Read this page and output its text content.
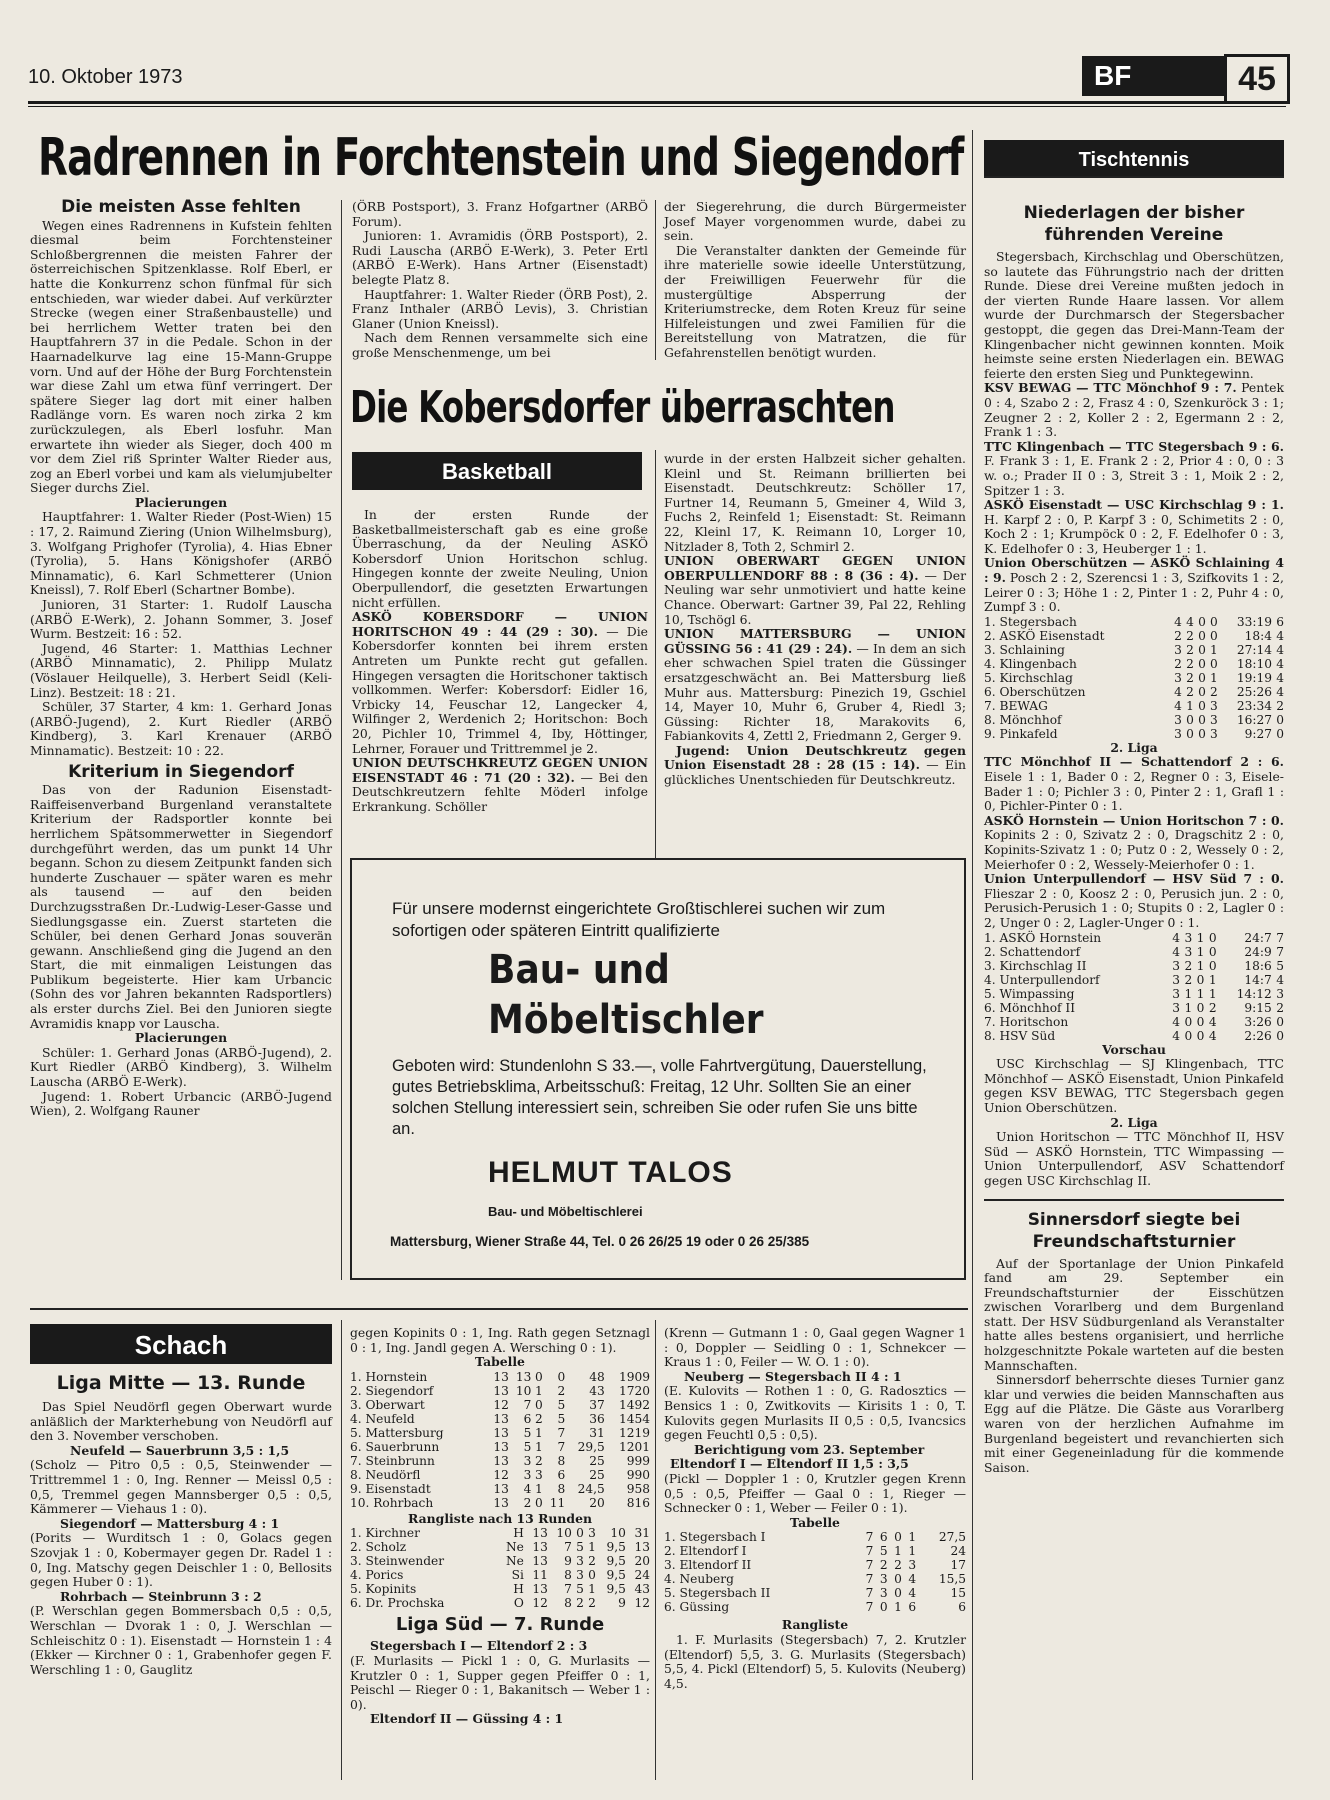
10. Oktober 1973	BF	45
Radrennen in Forchtenstein und Siegendorf
Die meisten Asse fehlten

Wegen eines Radrennens in Kufstein fehlten diesmal beim Forchtensteiner Schloßbergrennen die meisten Fahrer der österreichischen Spitzenklasse. Rolf Eberl, er hatte die Konkurrenz schon fünfmal für sich entschieden, war wieder dabei. Auf verkürzter Strecke (wegen einer Straßenbaustelle) und bei herrlichem Wetter traten bei den Hauptfahrern 37 in die Pedale. Schon in der Haarnadelkurve lag eine 15-Mann-Gruppe vorn. Und auf der Höhe der Burg Forchtenstein war diese Zahl um etwa fünf verringert. Der spätere Sieger lag dort mit einer halben Radlänge vorn. Es waren noch zirka 2 km zurückzulegen, als Eberl losfuhr. Man erwartete ihn wieder als Sieger, doch 400 m vor dem Ziel riß Sprinter Walter Rieder aus, zog an Eberl vorbei und kam als vielumjubelter Sieger durchs Ziel.

Placierungen

Hauptfahrer: 1. Walter Rieder (Post-Wien) 15 : 17, 2. Raimund Ziering (Union Wilhelmsburg), 3. Wolfgang Prighofer (Tyrolia), 4. Hias Ebner (Tyrolia), 5. Hans Königshofer (ARBÖ Minnamatic), 6. Karl Schmetterer (Union Kneissl), 7. Rolf Eberl (Schartner Bombe).

Junioren, 31 Starter: 1. Rudolf Lauscha (ARBÖ E-Werk), 2. Johann Sommer, 3. Josef Wurm. Bestzeit: 16 : 52.

Jugend, 46 Starter: 1. Matthias Lechner (ARBÖ Minnamatic), 2. Philipp Mulatz (Vöslauer Heilquelle), 3. Herbert Seidl (Keli-Linz). Bestzeit: 18 : 21.

Schüler, 37 Starter, 4 km: 1. Gerhard Jonas (ARBÖ-Jugend), 2. Kurt Riedler (ARBÖ Kindberg), 3. Karl Krenauer (ARBÖ Minnamatic). Bestzeit: 10 : 22.

Kriterium in Siegendorf

Das von der Radunion Eisenstadt-Raiffeisenverband Burgenland veranstaltete Kriterium der Radsportler konnte bei herrlichem Spätsommerwetter in Siegendorf durchgeführt werden, das um punkt 14 Uhr begann. Schon zu diesem Zeitpunkt fanden sich hunderte Zuschauer — später waren es mehr als tausend — auf den beiden Durchzugsstraßen Dr.-Ludwig-Leser-Gasse und Siedlungsgasse ein. Zuerst starteten die Schüler, bei denen Gerhard Jonas souverän gewann. Anschließend ging die Jugend an den Start, die mit einmaligen Leistungen das Publikum begeisterte. Hier kam Urbancic (Sohn des vor Jahren bekannten Radsportlers) als erster durchs Ziel. Bei den Junioren siegte Avramidis knapp vor Lauscha.

Placierungen

Schüler: 1. Gerhard Jonas (ARBÖ-Jugend), 2. Kurt Riedler (ARBÖ Kindberg), 3. Wilhelm Lauscha (ARBÖ E-Werk).

Jugend: 1. Robert Urbancic (ARBÖ-Jugend Wien), 2. Wolfgang Rauner

(ÖRB Postsport), 3. Franz Hofgartner (ARBÖ Forum).

Junioren: 1. Avramidis (ÖRB Postsport), 2. Rudi Lauscha (ARBÖ E-Werk), 3. Peter Ertl (ARBÖ E-Werk). Hans Artner (Eisenstadt) belegte Platz 8.

Hauptfahrer: 1. Walter Rieder (ÖRB Post), 2. Franz Inthaler (ARBÖ Levis), 3. Christian Glaner (Union Kneissl).

Nach dem Rennen versammelte sich eine große Menschenmenge, um bei

der Siegerehrung, die durch Bürgermeister Josef Mayer vorgenommen wurde, dabei zu sein.

Die Veranstalter dankten der Gemeinde für ihre materielle sowie ideelle Unterstützung, der Freiwilligen Feuerwehr für die mustergültige Absperrung der Kriteriumstrecke, dem Roten Kreuz für seine Hilfeleistungen und zwei Familien für die Bereitstellung von Matratzen, die für Gefahrenstellen benötigt wurden.

Die Kobersdorfer überraschten
Basketball

In der ersten Runde der Basketballmeisterschaft gab es eine große Überraschung, da der Neuling ASKÖ Kobersdorf Union Horitschon schlug. Hingegen konnte der zweite Neuling, Union Oberpullendorf, die gesetzten Erwartungen nicht erfüllen.

ASKÖ KOBERSDORF — UNION HORITSCHON 49 : 44 (29 : 30). — Die Kobersdorfer konnten bei ihrem ersten Antreten um Punkte recht gut gefallen. Hingegen versagten die Horitschoner taktisch vollkommen. Werfer: Kobersdorf: Eidler 16, Vrbicky 14, Feuschar 12, Langecker 4, Wilfinger 2, Werdenich 2; Horitschon: Boch 20, Pichler 10, Trimmel 4, Iby, Höttinger, Lehrner, Forauer und Trittremmel je 2.

UNION DEUTSCHKREUTZ GEGEN UNION EISENSTADT 46 : 71 (20 : 32). — Bei den Deutschkreutzern fehlte Möderl infolge Erkrankung. Schöller

wurde in der ersten Halbzeit sicher gehalten. Kleinl und St. Reimann brillierten bei Eisenstadt. Deutschkreutz: Schöller 17, Furtner 14, Reumann 5, Gmeiner 4, Wild 3, Fuchs 2, Reinfeld 1; Eisenstadt: St. Reimann 22, Kleinl 17, K. Reimann 10, Lorger 10, Nitzlader 8, Toth 2, Schmirl 2.

UNION OBERWART GEGEN UNION OBERPULLENDORF 88 : 8 (36 : 4). — Der Neuling war sehr unmotiviert und hatte keine Chance. Oberwart: Gartner 39, Pal 22, Rehling 10, Tschögl 6.

UNION MATTERSBURG — UNION GÜSSING 56 : 41 (29 : 24). — In dem an sich eher schwachen Spiel traten die Güssinger ersatzgeschwächt an. Bei Mattersburg ließ Muhr aus. Mattersburg: Pinezich 19, Gschiel 14, Mayer 10, Muhr 6, Gruber 4, Riedl 3; Güssing: Richter 18, Marakovits 6, Fabiankovits 4, Zettl 2, Friedmann 2, Gerger 9.

Jugend: Union Deutschkreutz gegen Union Eisenstadt 28 : 28 (15 : 14). — Ein glückliches Unentschieden für Deutschkreutz.

Für unsere modernst eingerichtete Großtischlerei suchen wir zum sofortigen oder späteren Eintritt qualifizierte
Bau- und
Möbeltischler
Geboten wird: Stundenlohn S 33.—, volle Fahrtvergütung, Dauerstellung, gutes Betriebsklima, Arbeitsschuß: Freitag, 12 Uhr. Sollten Sie an einer solchen Stellung interessiert sein, schreiben Sie oder rufen Sie uns bitte an.
HELMUT TALOS
Bau- und Möbeltischlerei
Mattersburg, Wiener Straße 44, Tel. 0 26 26/25 19 oder 0 26 25/385
Schach
Liga Mitte — 13. Runde

Das Spiel Neudörfl gegen Oberwart wurde anläßlich der Markterhebung von Neudörfl auf den 3. November verschoben.

Neufeld — Sauerbrunn 3,5 : 1,5

(Scholz — Pitro 0,5 : 0,5, Steinwender — Trittremmel 1 : 0, Ing. Renner — Meissl 0,5 : 0,5, Tremmel gegen Mannsberger 0,5 : 0,5, Kämmerer — Viehaus 1 : 0).

Siegendorf — Mattersburg 4 : 1

(Porits — Wurditsch 1 : 0, Golacs gegen Szovjak 1 : 0, Kobermayer gegen Dr. Radel 1 : 0, Ing. Matschy gegen Deischler 1 : 0, Bellosits gegen Huber 0 : 1).

Rohrbach — Steinbrunn 3 : 2

(P. Werschlan gegen Bommersbach 0,5 : 0,5, Werschlan — Dvorak 1 : 0, J. Werschlan — Schleischitz 0 : 1). Eisenstadt — Hornstein 1 : 4 (Ekker — Kirchner 0 : 1, Grabenhofer gegen F. Werschling 1 : 0, Gauglitz

gegen Kopinits 0 : 1, Ing. Rath gegen Setznagl 0 : 1, Ing. Jandl gegen A. Wersching 0 : 1).

Tabelle
1. Hornstein	13	13	0	0	48	1909
2. Siegendorf	13	10	1	2	43	1720
3. Oberwart	12	7	0	5	37	1492
4. Neufeld	13	6	2	5	36	1454
5. Mattersburg	13	5	1	7	31	1219
6. Sauerbrunn	13	5	1	7	29,5	1201
7. Steinbrunn	13	3	2	8	25	999
8. Neudörfl	12	3	3	6	25	990
9. Eisenstadt	13	4	1	8	24,5	958
10. Rohrbach	13	2	0	11	20	816
Rangliste nach 13 Runden
1. Kirchner	H	13	10	0	3	10	31
2. Scholz	Ne	13	7	5	1	9,5	13
3. Steinwender	Ne	13	9	3	2	9,5	20
4. Porics	Si	11	8	3	0	9,5	24
5. Kopinits	H	13	7	5	1	9,5	43
6. Dr. Prochska	O	12	8	2	2	9	12
Liga Süd — 7. Runde
Stegersbach I — Eltendorf 2 : 3

(F. Murlasits — Pickl 1 : 0, G. Murlasits — Krutzler 0 : 1, Supper gegen Pfeiffer 0 : 1, Peischl — Rieger 0 : 1, Bakanitsch — Weber 1 : 0).

Eltendorf II — Güssing 4 : 1

(Krenn — Gutmann 1 : 0, Gaal gegen Wagner 1 : 0, Doppler — Seidling 0 : 1, Schnekcer — Kraus 1 : 0, Feiler — W. O. 1 : 0).

Neuberg — Stegersbach II 4 : 1

(E. Kulovits — Rothen 1 : 0, G. Radosztics — Bensics 1 : 0, Zwitkovits — Kirisits 1 : 0, T. Kulovits gegen Murlasits II 0,5 : 0,5, Ivancsics gegen Feuchtl 0,5 : 0,5).

Berichtigung vom 23. September
Eltendorf I — Eltendorf II 1,5 : 3,5

(Pickl — Doppler 1 : 0, Krutzler gegen Krenn 0,5 : 0,5, Pfeiffer — Gaal 0 : 1, Rieger — Schnecker 0 : 1, Weber — Feiler 0 : 1).

Tabelle
1. Stegersbach I	7	6	0	1	27,5
2. Eltendorf I	7	5	1	1	24
3. Eltendorf II	7	2	2	3	17
4. Neuberg	7	3	0	4	15,5
5. Stegersbach II	7	3	0	4	15
6. Güssing	7	0	1	6	6
Rangliste

1. F. Murlasits (Stegersbach) 7, 2. Krutzler (Eltendorf) 5,5, 3. G. Murlasits (Stegersbach) 5,5, 4. Pickl (Eltendorf) 5, 5. Kulovits (Neuberg) 4,5.

Tischtennis
Niederlagen der bisher führenden Vereine

Stegersbach, Kirchschlag und Oberschützen, so lautete das Führungstrio nach der dritten Runde. Diese drei Vereine mußten jedoch in der vierten Runde Haare lassen. Vor allem wurde der Durchmarsch der Stegersbacher gestoppt, die gegen das Drei-Mann-Team der Klingenbacher nicht gewinnen konnten. Moik heimste seine ersten Niederlagen ein. BEWAG feierte den ersten Sieg und Punktegewinn.

KSV BEWAG — TTC Mönchhof 9 : 7. Pentek 0 : 4, Szabo 2 : 2, Frasz 4 : 0, Szenkuröck 3 : 1; Zeugner 2 : 2, Koller 2 : 2, Egermann 2 : 2, Frank 1 : 3.

TTC Klingenbach — TTC Stegersbach 9 : 6. F. Frank 3 : 1, E. Frank 2 : 2, Prior 4 : 0, 0 : 3 w. o.; Prader II 0 : 3, Streit 3 : 1, Moik 2 : 2, Spitzer 1 : 3.

ASKÖ Eisenstadt — USC Kirchschlag 9 : 1. H. Karpf 2 : 0, P. Karpf 3 : 0, Schimetits 2 : 0, Koch 2 : 1; Krumpöck 0 : 2, F. Edelhofer 0 : 3, K. Edelhofer 0 : 3, Heuberger 1 : 1.

Union Oberschützen — ASKÖ Schlaining 4 : 9. Posch 2 : 2, Szerencsi 1 : 3, Szifkovits 1 : 2, Leirer 0 : 3; Höhe 1 : 2, Pinter 1 : 2, Puhr 4 : 0, Zumpf 3 : 0.

1. Stegersbach	4	4	0	0	33:19	6
2. ASKÖ Eisenstadt	2	2	0	0	18:4	4
3. Schlaining	3	2	0	1	27:14	4
4. Klingenbach	2	2	0	0	18:10	4
5. Kirchschlag	3	2	0	1	19:19	4
6. Oberschützen	4	2	0	2	25:26	4
7. BEWAG	4	1	0	3	23:34	2
8. Mönchhof	3	0	0	3	16:27	0
9. Pinkafeld	3	0	0	3	9:27	0
2. Liga

TTC Mönchhof II — Schattendorf 2 : 6. Eisele 1 : 1, Bader 0 : 2, Regner 0 : 3, Eisele-Bader 1 : 0; Pichler 3 : 0, Pinter 2 : 1, Grafl 1 : 0, Pichler-Pinter 0 : 1.

ASKÖ Hornstein — Union Horitschon 7 : 0. Kopinits 2 : 0, Szivatz 2 : 0, Dragschitz 2 : 0, Kopinits-Szivatz 1 : 0; Putz 0 : 2, Wessely 0 : 2, Meierhofer 0 : 2, Wessely-Meierhofer 0 : 1.

Union Unterpullendorf — HSV Süd 7 : 0. Flieszar 2 : 0, Koosz 2 : 0, Perusich jun. 2 : 0, Perusich-Perusich 1 : 0; Stupits 0 : 2, Lagler 0 : 2, Unger 0 : 2, Lagler-Unger 0 : 1.

1. ASKÖ Hornstein	4	3	1	0	24:7	7
2. Schattendorf	4	3	1	0	24:9	7
3. Kirchschlag II	3	2	1	0	18:6	5
4. Unterpullendorf	3	2	0	1	14:7	4
5. Wimpassing	3	1	1	1	14:12	3
6. Mönchhof II	3	1	0	2	9:15	2
7. Horitschon	4	0	0	4	3:26	0
8. HSV Süd	4	0	0	4	2:26	0
Vorschau

USC Kirchschlag — SJ Klingenbach, TTC Mönchhof — ASKÖ Eisenstadt, Union Pinkafeld gegen KSV BEWAG, TTC Stegersbach gegen Union Oberschützen.

2. Liga

Union Horitschon — TTC Mönchhof II, HSV Süd — ASKÖ Hornstein, TTC Wimpassing — Union Unterpullendorf, ASV Schattendorf gegen USC Kirchschlag II.

Sinnersdorf siegte bei Freundschaftsturnier

Auf der Sportanlage der Union Pinkafeld fand am 29. September ein Freundschaftsturnier der Eisschützen zwischen Vorarlberg und dem Burgenland statt. Der HSV Südburgenland als Veranstalter hatte alles bestens organisiert, und herrliche holzgeschnitzte Pokale warteten auf die besten Mannschaften.

Sinnersdorf beherrschte dieses Turnier ganz klar und verwies die beiden Mannschaften aus Egg auf die Plätze. Die Gäste aus Vorarlberg waren von der herzlichen Aufnahme im Burgenland begeistert und revanchierten sich mit einer Gegeneinladung für die kommende Saison.
